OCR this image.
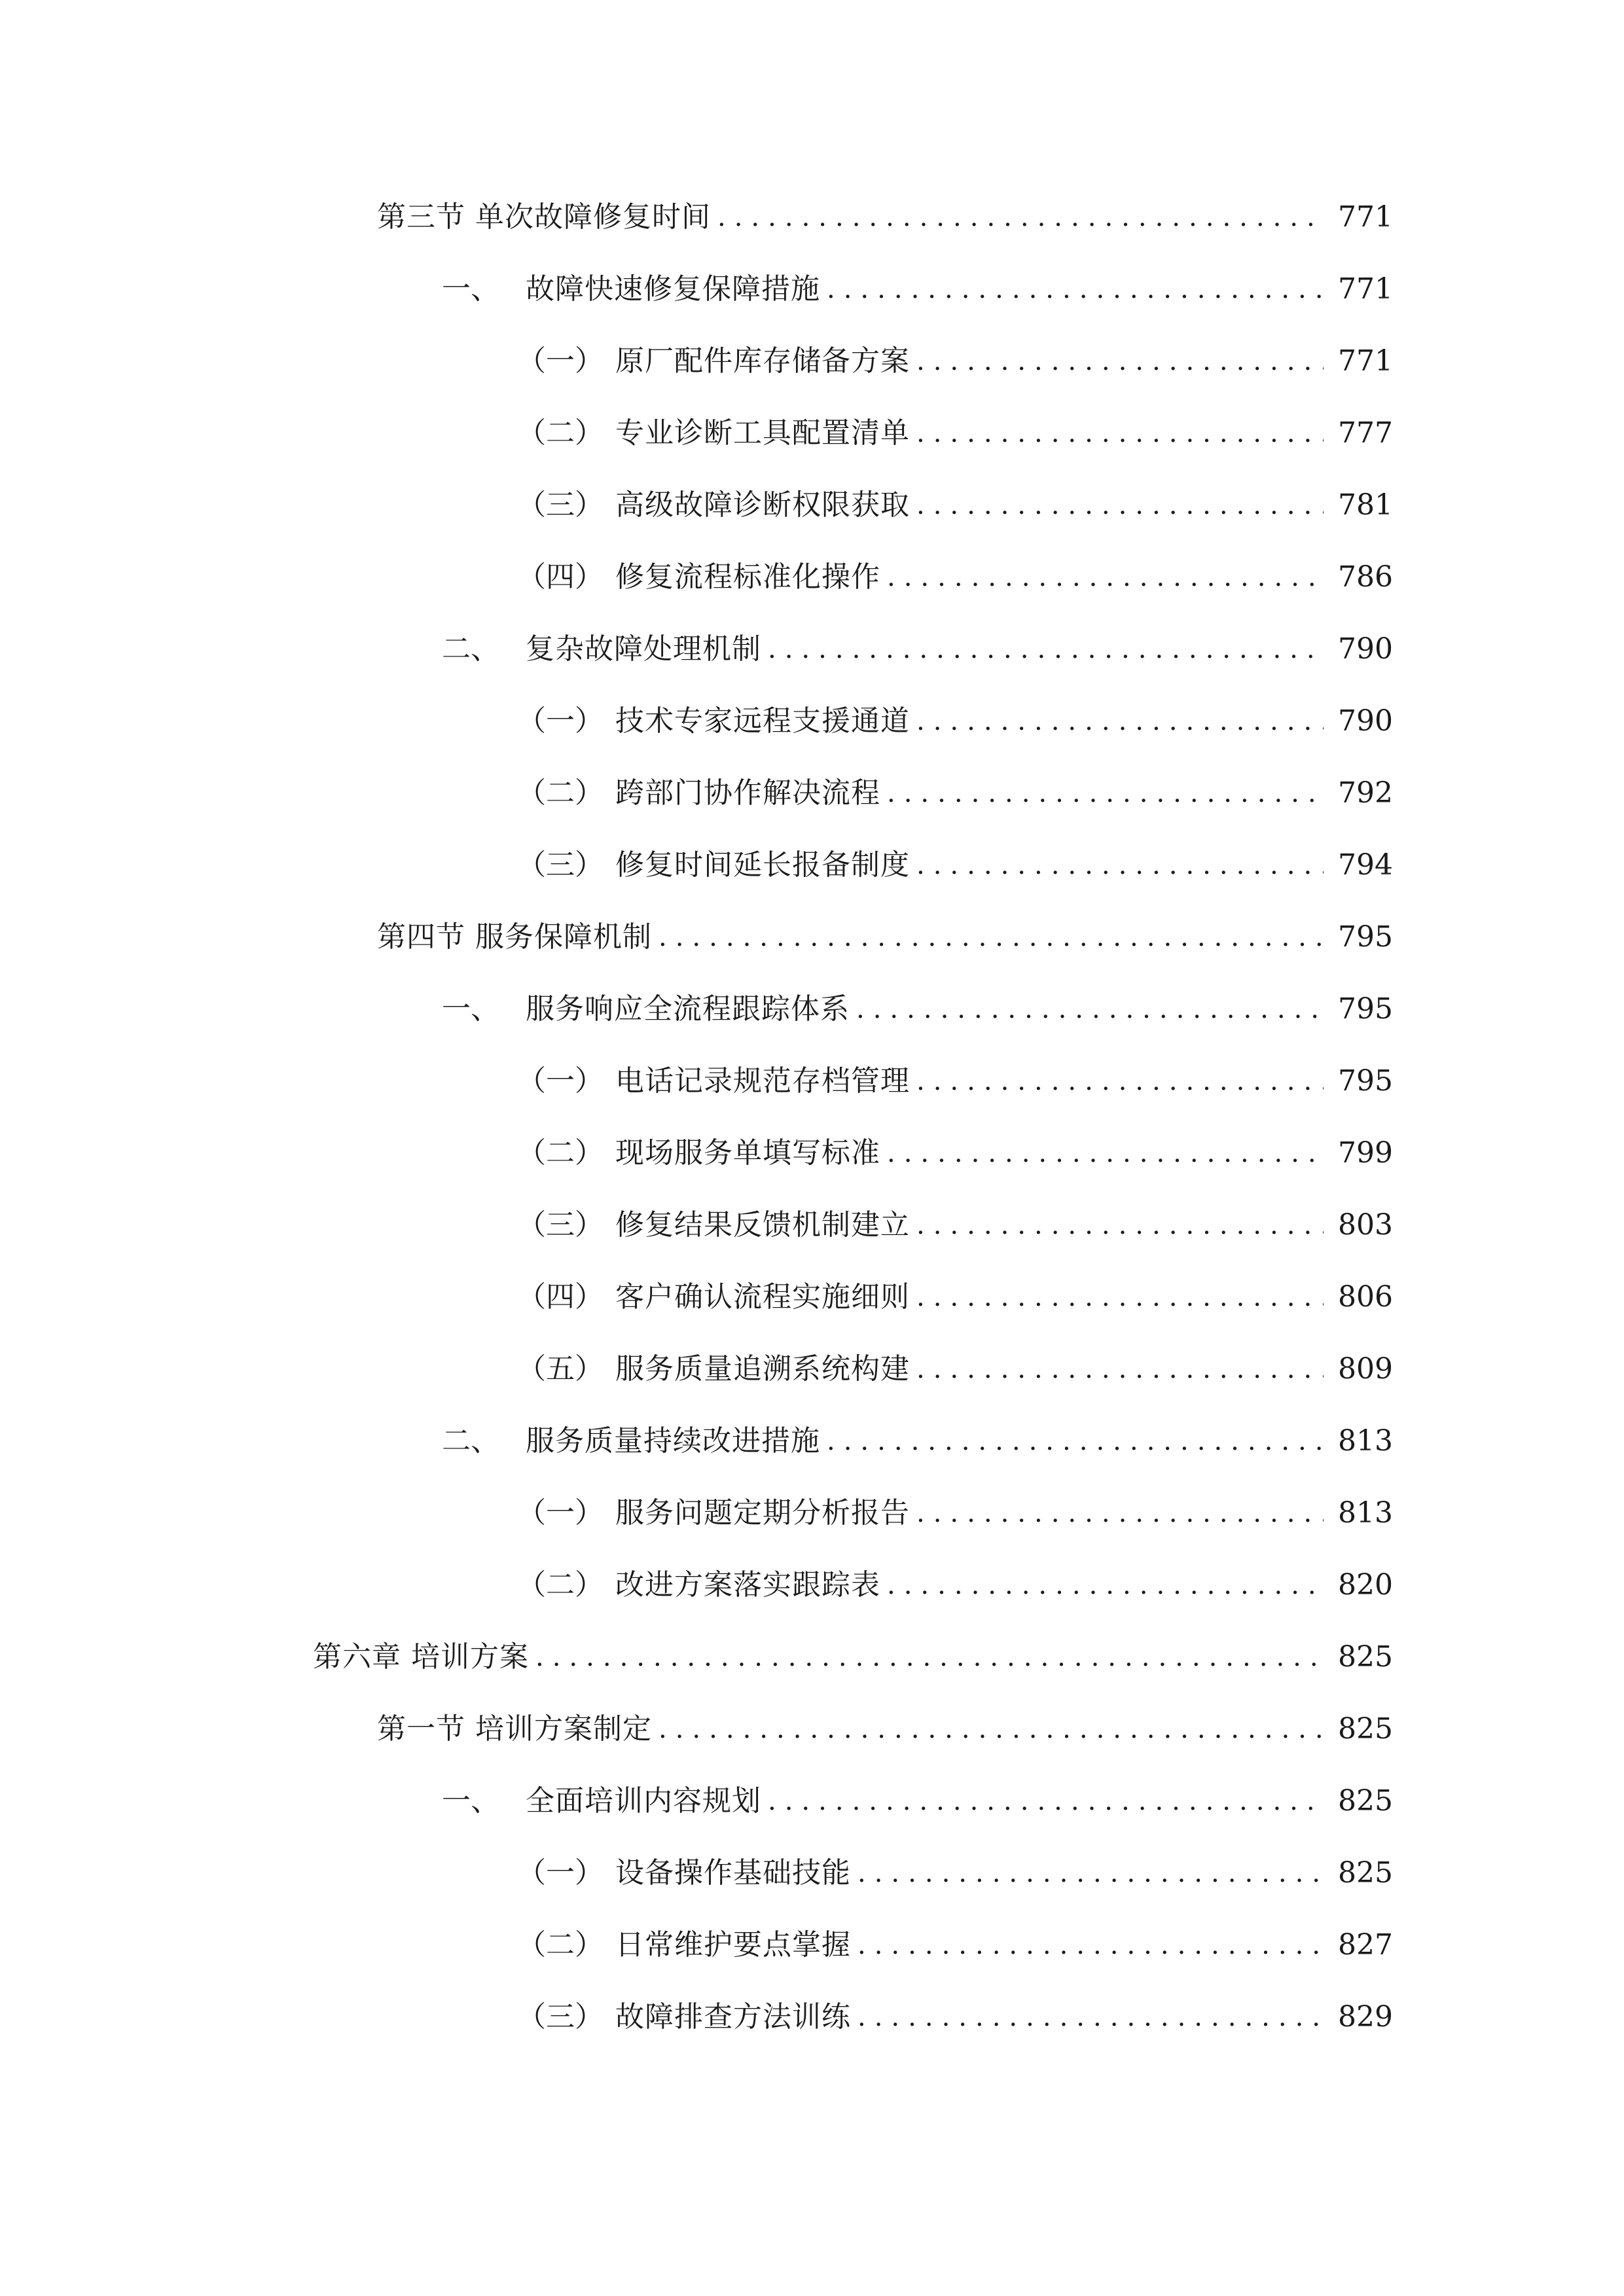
第三节 单次故障修复时间 .....	771
一、 故障快速修复保障措施 .....	771
（一） 原厂配件库存储备方案 .....	771
（二） 专业诊断工具配置清单 .....	777
（三） 高级故障诊断权限获取 .....	781
（四） 修复流程标准化操作 .....	786
二、 复杂故障处理机制 .....	790
（一） 技术专家远程支援通道 .....	790
（二） 跨部门协作解决流程 .....	792
（三） 修复时间延长报备制度 .....	794
第四节 服务保障机制 .....	795
一、 服务响应全流程跟踪体系 .....	795
（一） 电话记录规范存档管理 .....	795
（二） 现场服务单填写标准 .....	799
（三） 修复结果反馈机制建立 .....	803
（四） 客户确认流程实施细则 .....	806
（五） 服务质量追溯系统构建 .....	809
二、 服务质量持续改进措施 .....	813
（一） 服务问题定期分析报告 .....	813
（二） 改进方案落实跟踪表 .....	820
第六章 培训方案 .....	825
第一节 培训方案制定 .....	825
一、 全面培训内容规划 .....	825
（一） 设备操作基础技能 .....	825
（二） 日常维护要点掌握 .....	827
（三） 故障排查方法训练 .....	829
